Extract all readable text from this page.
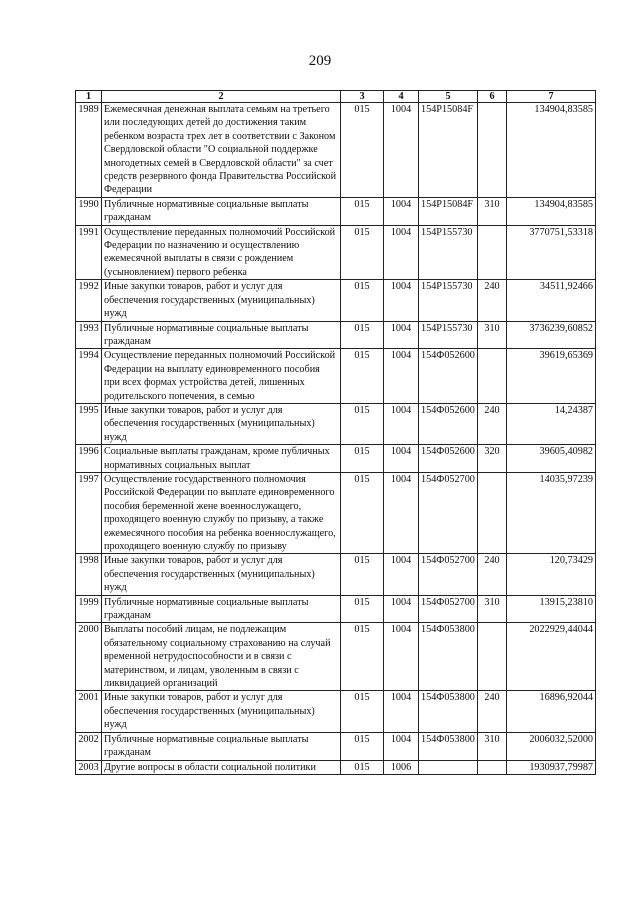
209
1	2	3	4	5	6	7
1989	Ежемесячная денежная выплата семьям на третьего или последующих детей до достижения таким ребенком возраста трех лет в соответствии с Законом Свердловской области "О социальной поддержке многодетных семей в Свердловской области" за счет средств резервного фонда Правительства Российской Федерации	015	1004	154P15084F		134904,83585
1990	Публичные нормативные социальные выплаты гражданам	015	1004	154P15084F	310	134904,83585
1991	Осуществление переданных полномочий Российской Федерации по назначению и осуществлению ежемесячной выплаты в связи с рождением (усыновлением) первого ребенка	015	1004	154P155730		3770751,53318
1992	Иные закупки товаров, работ и услуг для обеспечения государственных (муниципальных) нужд	015	1004	154P155730	240	34511,92466
1993	Публичные нормативные социальные выплаты гражданам	015	1004	154P155730	310	3736239,60852
1994	Осуществление переданных полномочий Российской Федерации на выплату единовременного пособия при всех формах устройства детей, лишенных родительского попечения, в семью	015	1004	154Ф052600		39619,65369
1995	Иные закупки товаров, работ и услуг для обеспечения государственных (муниципальных) нужд	015	1004	154Ф052600	240	14,24387
1996	Социальные выплаты гражданам, кроме публичных нормативных социальных выплат	015	1004	154Ф052600	320	39605,40982
1997	Осуществление государственного полномочия Российской Федерации по выплате единовременного пособия беременной жене военнослужащего, проходящего военную службу по призыву, а также ежемесячного пособия на ребенка военнослужащего, проходящего военную службу по призыву	015	1004	154Ф052700		14035,97239
1998	Иные закупки товаров, работ и услуг для обеспечения государственных (муниципальных) нужд	015	1004	154Ф052700	240	120,73429
1999	Публичные нормативные социальные выплаты гражданам	015	1004	154Ф052700	310	13915,23810
2000	Выплаты пособий лицам, не подлежащим обязательному социальному страхованию на случай временной нетрудоспособности и в связи с материнством, и лицам, уволенным в связи с ликвидацией организаций	015	1004	154Ф053800		2022929,44044
2001	Иные закупки товаров, работ и услуг для обеспечения государственных (муниципальных) нужд	015	1004	154Ф053800	240	16896,92044
2002	Публичные нормативные социальные выплаты гражданам	015	1004	154Ф053800	310	2006032,52000
2003	Другие вопросы в области социальной политики	015	1006			1930937,79987
